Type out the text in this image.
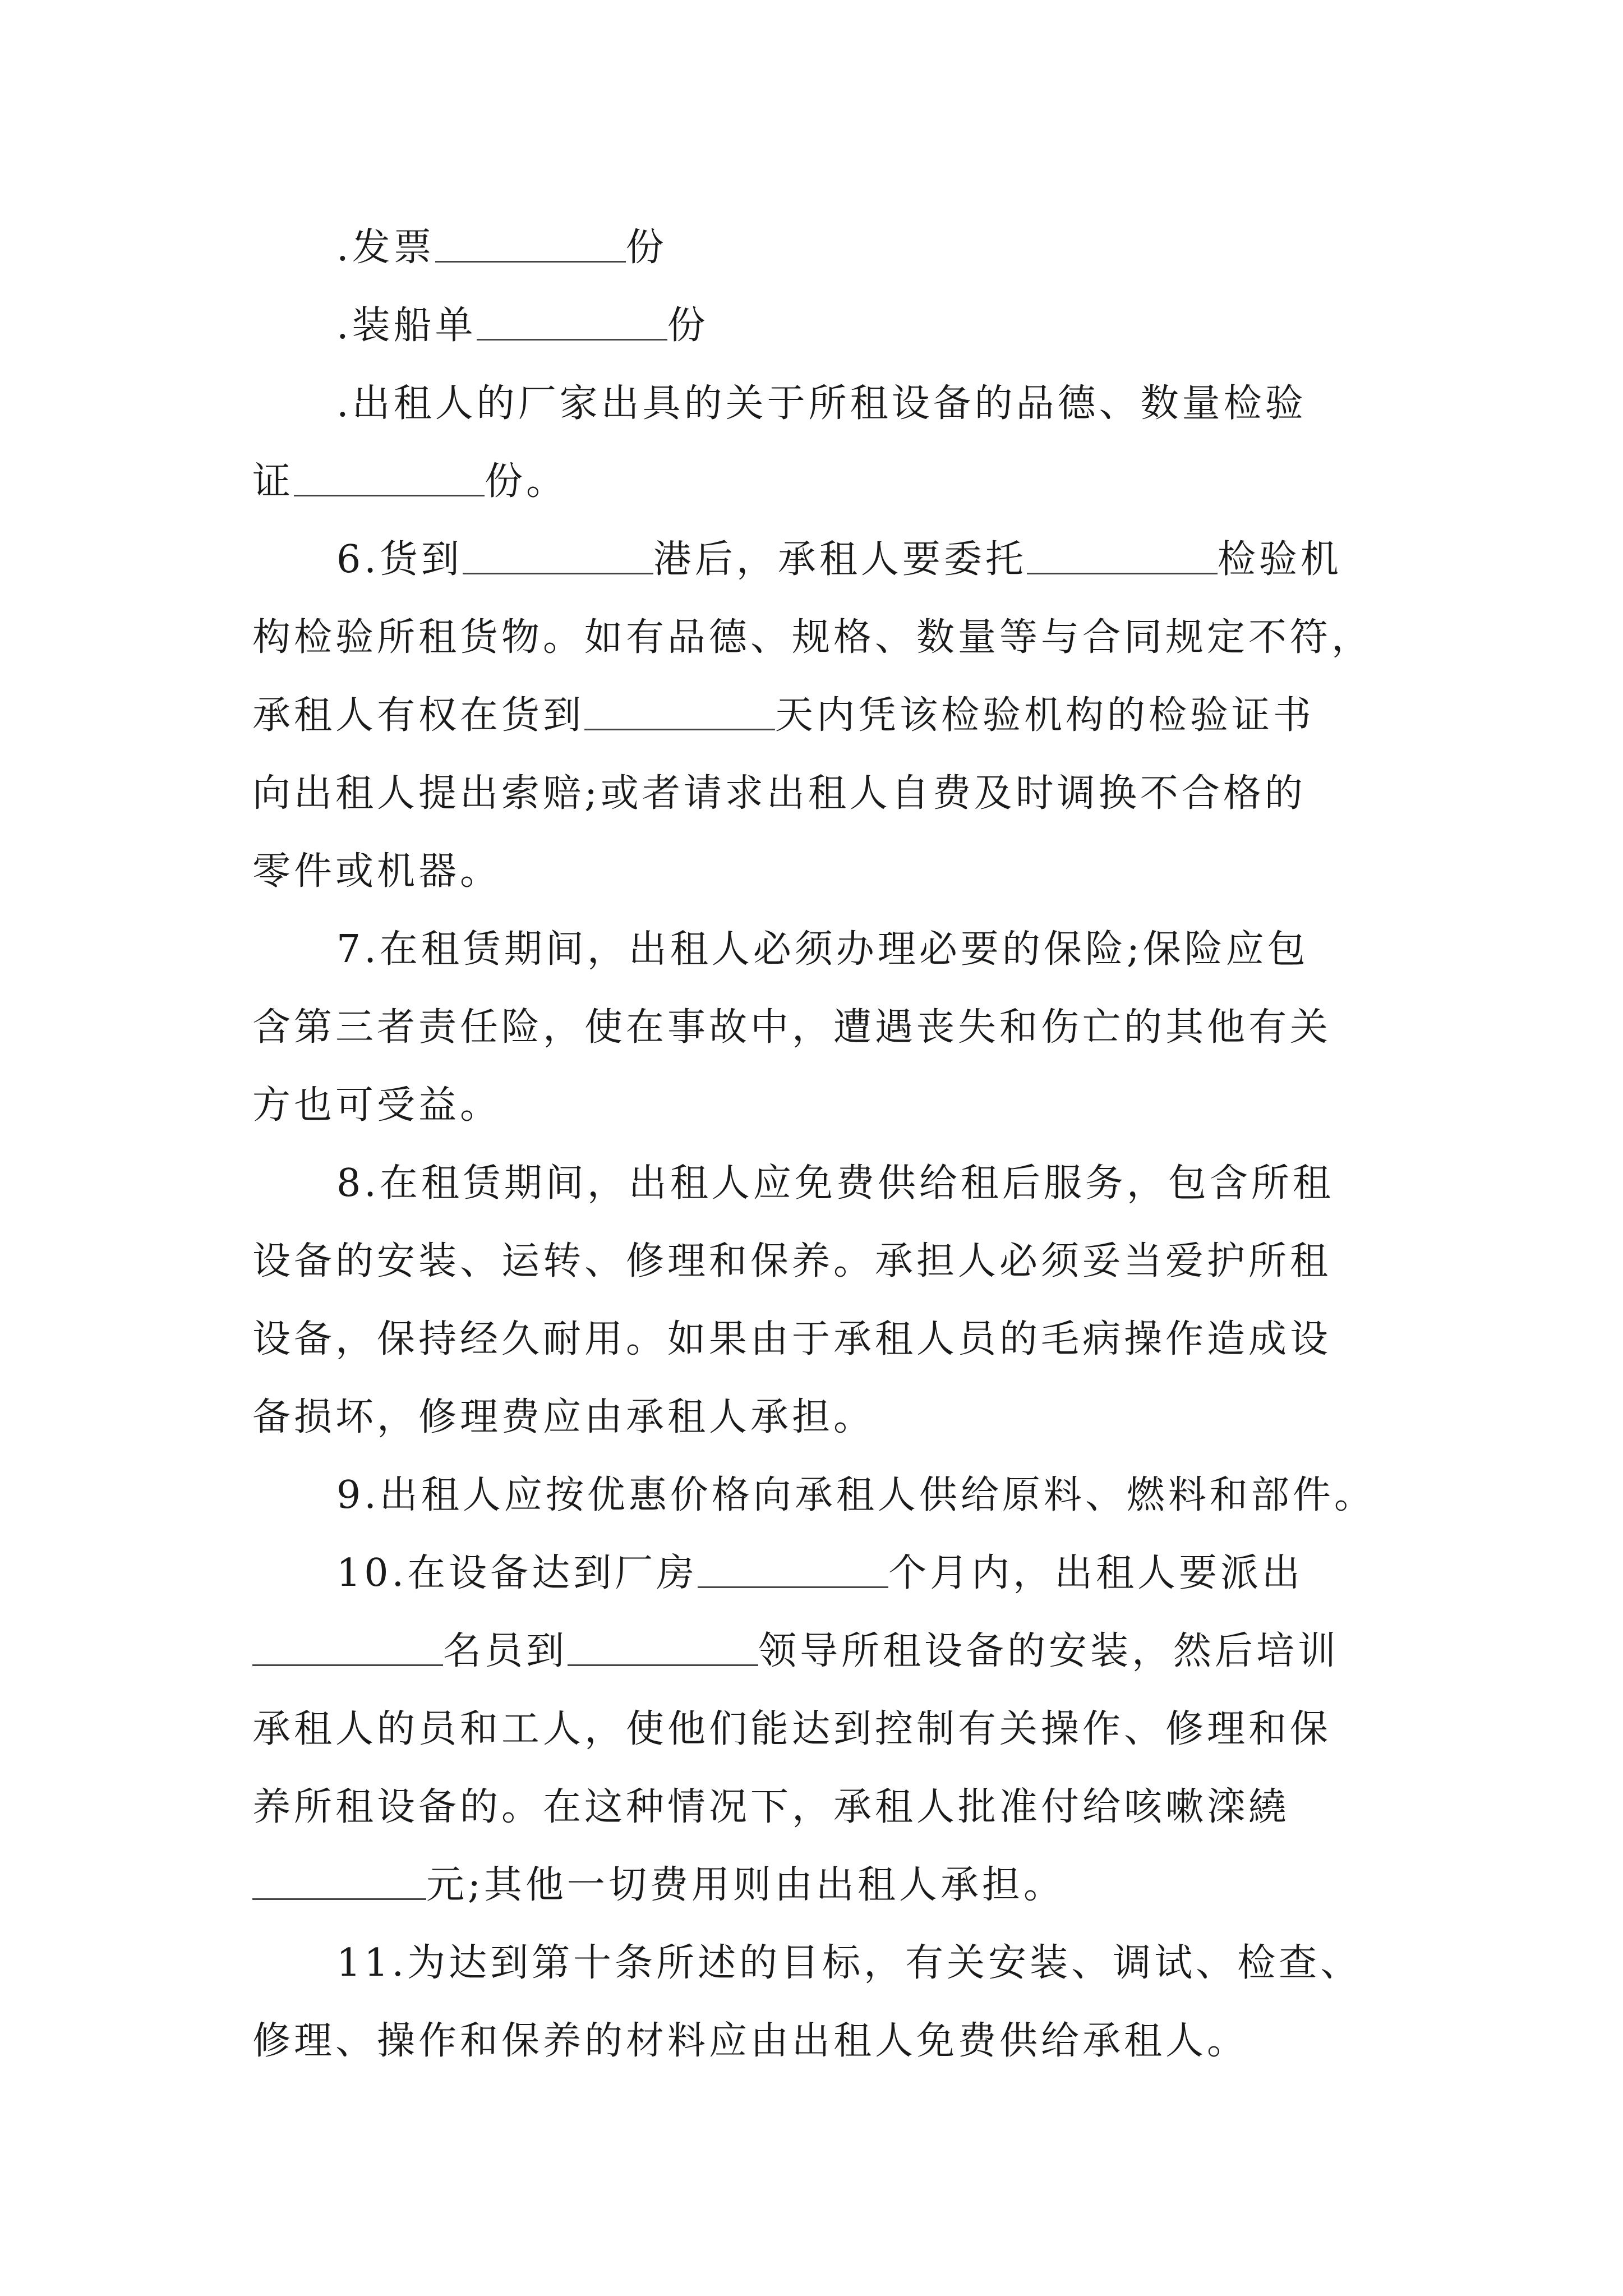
.发票	份
.装船单	份
.出租人的厂家出具的关于所租设备的品德、数量检验
证	份。
6.货到	港后，承租人要委托	检验机
构检验所租货物。如有品德、规格、数量等与合同规定不符，
承租人有权在货到	天内凭该检验机构的检验证书
向出租人提出索赔;或者请求出租人自费及时调换不合格的
零件或机器。
7.在租赁期间，出租人必须办理必要的保险;保险应包
含第三者责任险，使在事故中，遭遇丧失和伤亡的其他有关
方也可受益。
8.在租赁期间，出租人应免费供给租后服务，包含所租
设备的安装、运转、修理和保养。承担人必须妥当爱护所租
设备，保持经久耐用。如果由于承租人员的毛病操作造成设
备损坏，修理费应由承租人承担。
9.出租人应按优惠价格向承租人供给原料、燃料和部件。
10.在设备达到厂房	个月内，出租人要派出
名员到	领导所租设备的安装，然后培训
承租人的员和工人，使他们能达到控制有关操作、修理和保
养所租设备的。在这种情况下，承租人批准付给咳嗽滦繞
元;其他一切费用则由出租人承担。
11.为达到第十条所述的目标，有关安装、调试、检查、
修理、操作和保养的材料应由出租人免费供给承租人。
